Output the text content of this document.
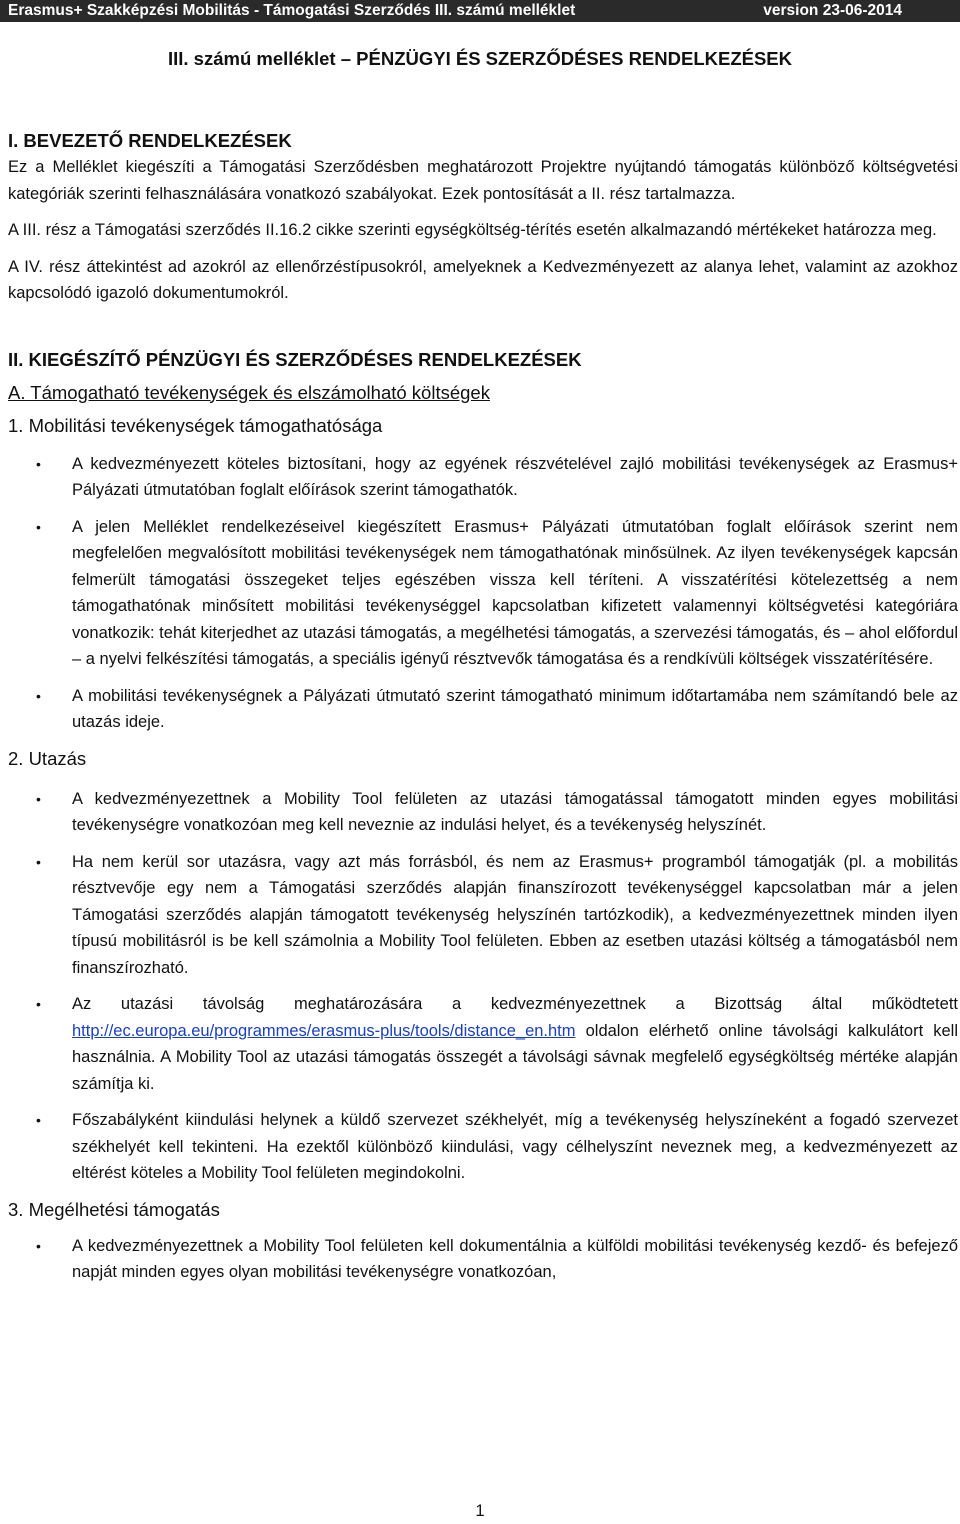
Erasmus+ Szakképzési Mobilitás - Támogatási Szerződés III. számú melléklet	version 23-06-2014
III. számú melléklet – PÉNZÜGYI ÉS SZERZŐDÉSES RENDELKEZÉSEK
I. BEVEZETŐ RENDELKEZÉSEK

Ez a Melléklet kiegészíti a Támogatási Szerződésben meghatározott Projektre nyújtandó támogatás különböző költségvetési kategóriák szerinti felhasználására vonatkozó szabályokat. Ezek pontosítását a II. rész tartalmazza.

A III. rész a Támogatási szerződés II.16.2 cikke szerinti egységköltség-térítés esetén alkalmazandó mértékeket határozza meg.

A IV. rész áttekintést ad azokról az ellenőrzéstípusokról, amelyeknek a Kedvezményezett az alanya lehet, valamint az azokhoz kapcsolódó igazoló dokumentumokról.

II. KIEGÉSZÍTŐ PÉNZÜGYI ÉS SZERZŐDÉSES RENDELKEZÉSEK
A. Támogatható tevékenységek és elszámolható költségek
1. Mobilitási tevékenységek támogathatósága
• A kedvezményezett köteles biztosítani, hogy az egyének részvételével zajló mobilitási tevékenységek az Erasmus+ Pályázati útmutatóban foglalt előírások szerint támogathatók.
• A jelen Melléklet rendelkezéseivel kiegészített Erasmus+ Pályázati útmutatóban foglalt előírások szerint nem megfelelően megvalósított mobilitási tevékenységek nem támogathatónak minősülnek. Az ilyen tevékenységek kapcsán felmerült támogatási összegeket teljes egészében vissza kell téríteni. A visszatérítési kötelezettség a nem támogathatónak minősített mobilitási tevékenységgel kapcsolatban kifizetett valamennyi költségvetési kategóriára vonatkozik: tehát kiterjedhet az utazási támogatás, a megélhetési támogatás, a szervezési támogatás, és – ahol előfordul – a nyelvi felkészítési támogatás, a speciális igényű résztvevők támogatása és a rendkívüli költségek visszatérítésére.
• A mobilitási tevékenységnek a Pályázati útmutató szerint támogatható minimum időtartamába nem számítandó bele az utazás ideje.
2. Utazás
• A kedvezményezettnek a Mobility Tool felületen az utazási támogatással támogatott minden egyes mobilitási tevékenységre vonatkozóan meg kell neveznie az indulási helyet, és a tevékenység helyszínét.
• Ha nem kerül sor utazásra, vagy azt más forrásból, és nem az Erasmus+ programból támogatják (pl. a mobilitás résztvevője egy nem a Támogatási szerződés alapján finanszírozott tevékenységgel kapcsolatban már a jelen Támogatási szerződés alapján támogatott tevékenység helyszínén tartózkodik), a kedvezményezettnek minden ilyen típusú mobilitásról is be kell számolnia a Mobility Tool felületen. Ebben az esetben utazási költség a támogatásból nem finanszírozható.
• Az utazási távolság meghatározására a kedvezményezettnek a Bizottság által működtetett http://ec.europa.eu/programmes/erasmus-plus/tools/distance_en.htm oldalon elérhető online távolsági kalkulátort kell használnia. A Mobility Tool az utazási támogatás összegét a távolsági sávnak megfelelő egységköltség mértéke alapján számítja ki.
• Főszabályként kiindulási helynek a küldő szervezet székhelyét, míg a tevékenység helyszíneként a fogadó szervezet székhelyét kell tekinteni. Ha ezektől különböző kiindulási, vagy célhelyszínt neveznek meg, a kedvezményezett az eltérést köteles a Mobility Tool felületen megindokolni.
3. Megélhetési támogatás
• A kedvezményezettnek a Mobility Tool felületen kell dokumentálnia a külföldi mobilitási tevékenység kezdő- és befejező napját minden egyes olyan mobilitási tevékenységre vonatkozóan,
1
